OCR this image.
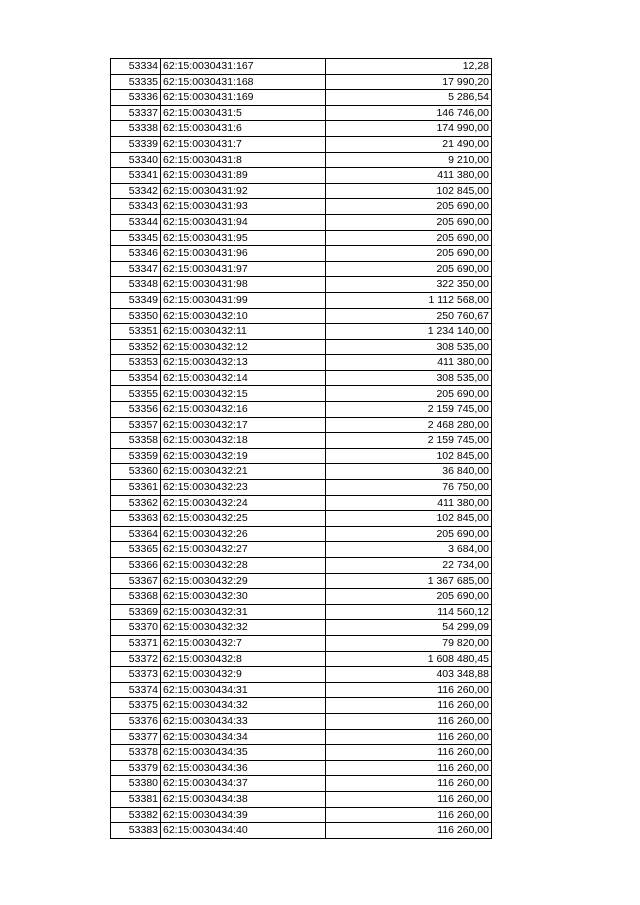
53334	62:15:0030431:167	12,28
53335	62:15:0030431:168	17 990,20
53336	62:15:0030431:169	5 286,54
53337	62:15:0030431:5	146 746,00
53338	62:15:0030431:6	174 990,00
53339	62:15:0030431:7	21 490,00
53340	62:15:0030431:8	9 210,00
53341	62:15:0030431:89	411 380,00
53342	62:15:0030431:92	102 845,00
53343	62:15:0030431:93	205 690,00
53344	62:15:0030431:94	205 690,00
53345	62:15:0030431:95	205 690,00
53346	62:15:0030431:96	205 690,00
53347	62:15:0030431:97	205 690,00
53348	62:15:0030431:98	322 350,00
53349	62:15:0030431:99	1 112 568,00
53350	62:15:0030432:10	250 760,67
53351	62:15:0030432:11	1 234 140,00
53352	62:15:0030432:12	308 535,00
53353	62:15:0030432:13	411 380,00
53354	62:15:0030432:14	308 535,00
53355	62:15:0030432:15	205 690,00
53356	62:15:0030432:16	2 159 745,00
53357	62:15:0030432:17	2 468 280,00
53358	62:15:0030432:18	2 159 745,00
53359	62:15:0030432:19	102 845,00
53360	62:15:0030432:21	36 840,00
53361	62:15:0030432:23	76 750,00
53362	62:15:0030432:24	411 380,00
53363	62:15:0030432:25	102 845,00
53364	62:15:0030432:26	205 690,00
53365	62:15:0030432:27	3 684,00
53366	62:15:0030432:28	22 734,00
53367	62:15:0030432:29	1 367 685,00
53368	62:15:0030432:30	205 690,00
53369	62:15:0030432:31	114 560,12
53370	62:15:0030432:32	54 299,09
53371	62:15:0030432:7	79 820,00
53372	62:15:0030432:8	1 608 480,45
53373	62:15:0030432:9	403 348,88
53374	62:15:0030434:31	116 260,00
53375	62:15:0030434:32	116 260,00
53376	62:15:0030434:33	116 260,00
53377	62:15:0030434:34	116 260,00
53378	62:15:0030434:35	116 260,00
53379	62:15:0030434:36	116 260,00
53380	62:15:0030434:37	116 260,00
53381	62:15:0030434:38	116 260,00
53382	62:15:0030434:39	116 260,00
53383	62:15:0030434:40	116 260,00
